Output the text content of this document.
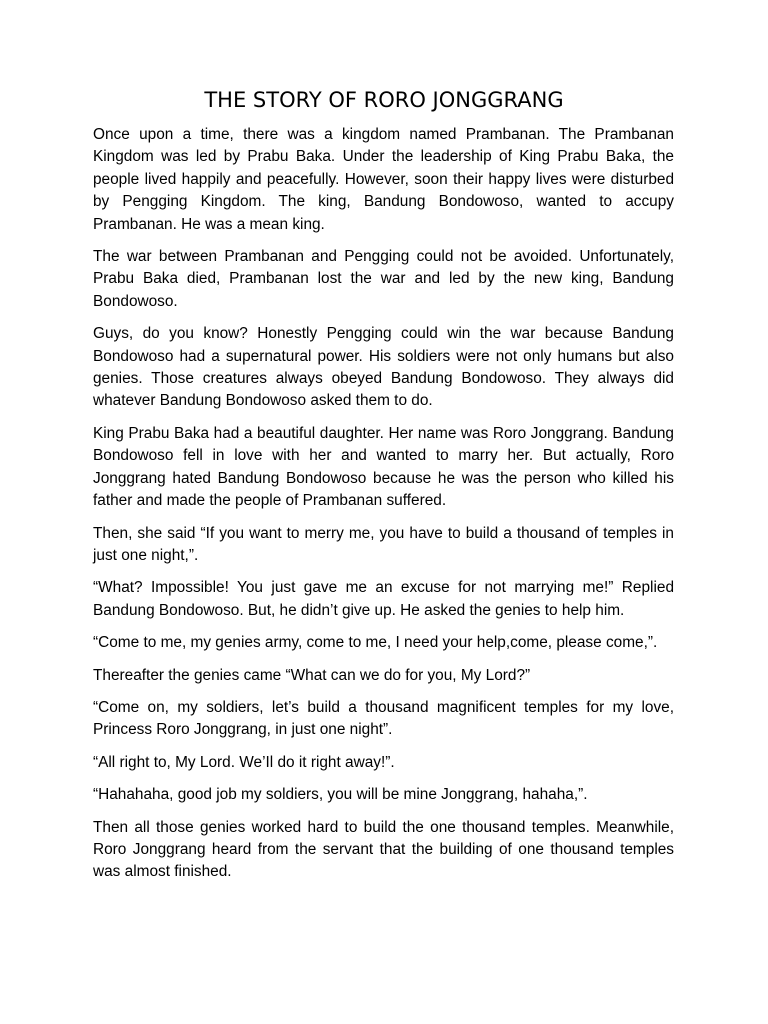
THE STORY OF RORO JONGGRANG

Once upon a time, there was a kingdom named Prambanan. The Prambanan Kingdom was led by Prabu Baka. Under the leadership of King Prabu Baka, the people lived happily and peacefully. However, soon their happy lives were disturbed by Pengging Kingdom. The king, Bandung Bondowoso, wanted to accupy Prambanan. He was a mean king.

The war between Prambanan and Pengging could not be avoided. Unfortunately, Prabu Baka died, Prambanan lost the war and led by the new king, Bandung Bondowoso.

Guys, do you know? Honestly Pengging could win the war because Bandung Bondowoso had a supernatural power. His soldiers were not only humans but also genies. Those creatures always obeyed Bandung Bondowoso. They always did whatever Bandung Bondowoso asked them to do.

King Prabu Baka had a beautiful daughter. Her name was Roro Jonggrang. Bandung Bondowoso fell in love with her and wanted to marry her. But actually, Roro Jonggrang hated Bandung Bondowoso because he was the person who killed his father and made the people of Prambanan suffered.

Then, she said “If you want to merry me, you have to build a thousand of temples in just one night,”.

“What? Impossible! You just gave me an excuse for not marrying me!” Replied Bandung Bondowoso. But, he didn’t give up. He asked the genies to help him.

“Come to me, my genies army, come to me, I need your help,come, please come,”.

Thereafter the genies came “What can we do for you, My Lord?”

“Come on, my soldiers, let’s build a thousand magnificent temples for my love, Princess Roro Jonggrang, in just one night”.

“All right to, My Lord. We’Il do it right away!”.

“Hahahaha, good job my soldiers, you will be mine Jonggrang, hahaha,”.

Then all those genies worked hard to build the one thousand temples. Meanwhile, Roro Jonggrang heard from the servant that the building of one thousand temples was almost finished.
